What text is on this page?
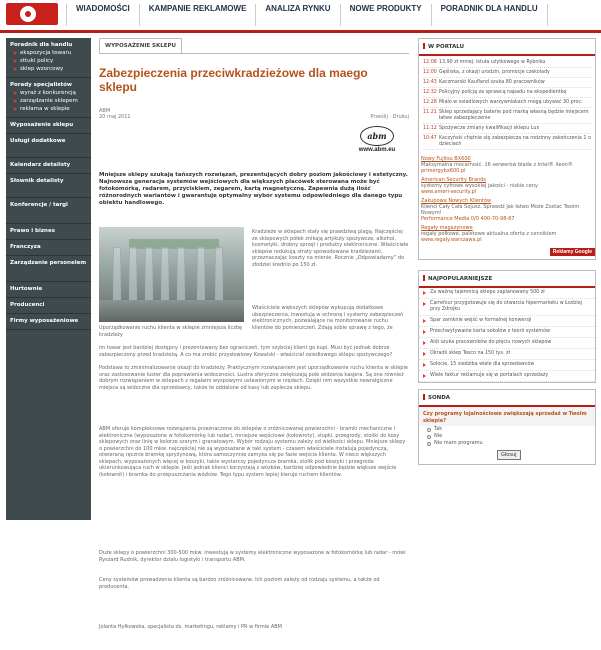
WIADOMOŚCI	KAMPANIE REKLAMOWE	ANALIZA RYNKU	NOWE PRODUKTY	PORADNIK DLA HANDLU
Poradnik dla handlu
ekspozycja towaru
sttuki policy
sklep wzorcowy
Porady specjalistów
wyraż z konkurencją
zarządzanie sklepem
reklama w sklepie
Wyposażenie sklepu
Usługi dodatkowe
Kalendarz detalisty
Słownik detalisty
Konferencje / targi
Prawo i biznes
Franczyza
Zarządzanie personelem
Hurtownie
Producenci
Firmy wyposażeniowe
WYPOSAŻENIE SKLEPU
Zabezpieczenia przeciwkradzieżowe dla maego sklepu
ABM
20 maj 2011	Prześlij · Drukuj
abm
www.abm.eu

Mniejsze sklepy szukają tańszych rozwiązań, prezentujących dobry poziom jakościowy i estetyczny. Najnowsza generacja systemów wejściowych dla większych placówek sterowana może być fotokomórką, radarem, przyciskiem, zegarem, kartą magnetyczną. Zapewnia dużą ilość różnorodnych wariantów i gwarantuje optymalny wybór systemu odpowiedniego dla danego typu obiektu handlowego.

Uporządkowanie ruchu klienta w sklepie zmniejsza liczbę kradzieży

Kradzieże w sklepach stały się prawdziwą plagą. Najczęściej ze sklepowych półek znikają artykuły spożywcze, alkohol, kosmetyki, drobny sprzęt i produkty elektroniczne. Właściciele sklepów redukują straty spowodowane kradzieżami, przeznaczając koszty na mienie. Rocznie „Odpowiadamy” do złodziei średnio po 150 zł.

Właściciele większych sklepów wykupują dodatkowe ubezpieczenia, inwestują w ochronę i systemy zabezpieczeń elektronicznych, pozwalające na monitorowanie ruchu klientów do pomieszczeń. Zdają sobie sprawę z tego, że

im towar jest bardziej dostępny i prezentowany bez ograniczeń, tym szybciej klient go kupi. Musi być jednak dobrze zabezpieczony przed kradzieżą. A co ma zrobić przysłowiowy Kowalski - właściciel osiedlowego sklepu spożywczego?

Podstawa to zminimalizowanie okazji do kradzieży. Praktycznym rozwiązaniem jest uporządkowanie ruchu klienta w sklepie oraz zastosowanie luster dla poprawienia widoczności. Lustra sferyczne zwiększają pole widzenia kasjera. Są one również dobrym rozwiązaniem w sklepach z regałami wyspowymi ustawionymi w rzędach. Dzięki nim wszystkie newralgiczne miejsca są widoczne dla sprzedawcy, także te oddalone od kasy lub zaplecza sklepu.

ABM oferuje kompleksowe rozwiązania przeznaczone do sklepów o zróżnicowanej powierzchni - bramki mechaniczne i elektroniczne (wyposażone w fotokomórkę lub radar), mniejsze wejściowe (kołowroty), słupki, przegrody, stoliki do kosy sklepowych oraz linię w kolorze szarym i granatowym. Wybór rodzaju systemu zależy od wielkości sklepu. Mniejsze sklepy o powierzchni do 100 mkw. najczęściej nie są wyposażane w taki system - czasem właściciele instalują pojedynczą, otwieraną ręcznie bramkę spryżynową, która samoczynnie zamyka się po fazie wejścia klienta. W nieco większych sklepach, wyposażonych więcej w koszyki, takie wystarczy pojedyncza bramka, stolik pod koszyki i przegroda ukierunkowująca ruch w sklepie. Jeśli jednak klienci korzystają z wózków, bardziej odpowiednie będzie większe wejście (kołowrót) i bramka do przepuszczania wózków. Tego typu system lepiej kieruje ruchem klientów.

Duże sklepy o powierzchni 300-500 mkw. inwestują w systemy elektroniczne wyposażone w fotokomórkę lub radar - mówi Ryszard Rudnik, dyrektor działu logistyki i transportu ABM.

Ceny systemów prowadzenia klienta są bardzo zróżnicowane. Ich poziom zależy od rodzaju systemu, a także od producenta.

Jolanta Hyłkowska, specjalista ds. marketingu, reklamy i PR w firmie ABM

W PORTALU
12:08 13,90 zł mniej: Istuła użytkowego w Rybniku
12:00 Gęśliska, z okazji urodzin, promocje czekolady
12:43 Kaczmarski Kaufland szuka 80 pracowników
12:32 Policyjny policją za sprawcą napadu na ekspedientkę
12:28 Miało w osiedlowych warzywniakach mogą ubywać 30 proc.
11:21 Sklep sprzedający baterie pod marką własną będzie miejscem łatwe zabezpieczenie
11:12 Spożywcze zmiany kwalifikacji sklepu Lux
10:47 Kaczyński chętnie się zabezpiecza na rodzinny zakończenia 1 o dzieciach
Nowy Fujitsu BX600
Maksymalna mocarność. 16 serwerów blade z Intel® Xeon®
primergybx600.pl
American Security Brands
systemy cyfrowe wysokiej jakości - niskie ceny
www.ameri-security.pl
Zakupowa Nowych Klientów
Klienci Cały Cała Sojusz. Sprawdź Jak łatwo Może Zostać Twoim Nowym!
Performance Media 0/0 400-70-98-67
Regały magazynowe
regały półkowe, paletowe aktualna oferta z cennikiem
www.regaly.warszawa.pl
Reklamy Google
NAJPOPULARNIEJSZE
Za ważną tajemnicą sklepu zaplanowany 500 zł
Carrefour przygotowuje się do otwarcia hipermarketu w Łodziej przy Zdrojku
Spar zamknie wejść w formalnej konwersji
Przechwytywanie karta sokołów z teorii systemów
Aldi szuka pracowników do pięciu nowych sklepów
Okradli sklep Tesco na 150 tys. zł
Sołocie, 15 siedziba wiele dla sprzedawców
Wiele faktur reklamuje się w portalach sprzedaży
SONDA
Czy programy lojalnościowe zwiększają sprzedaż w Twoim sklepie?
Tak
Nie
Nie mam programu
Głosuj
